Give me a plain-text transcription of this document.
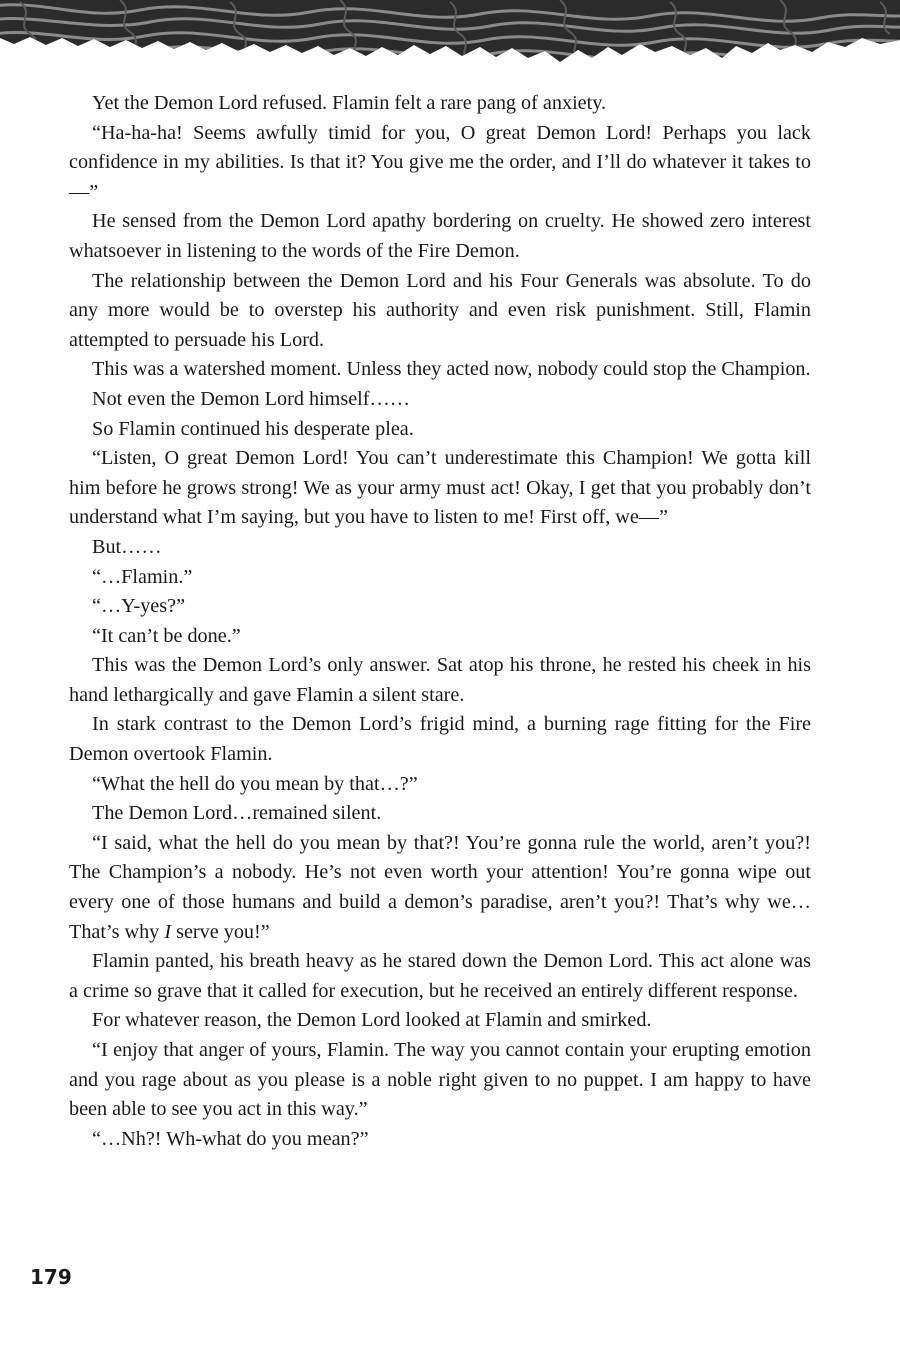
Yet the Demon Lord refused. Flamin felt a rare pang of anxiety.

“Ha-ha-ha! Seems awfully timid for you, O great Demon Lord! Perhaps you lack confidence in my abilities. Is that it? You give me the order, and I’ll do whatever it takes to—”

He sensed from the Demon Lord apathy bordering on cruelty. He showed zero interest whatsoever in listening to the words of the Fire Demon.

The relationship between the Demon Lord and his Four Generals was absolute. To do any more would be to overstep his authority and even risk punishment. Still, Flamin attempted to persuade his Lord.

This was a watershed moment. Unless they acted now, nobody could stop the Champion.

Not even the Demon Lord himself……

So Flamin continued his desperate plea.

“Listen, O great Demon Lord! You can’t underestimate this Champion! We gotta kill him before he grows strong! We as your army must act! Okay, I get that you probably don’t understand what I’m saying, but you have to listen to me! First off, we—”

But……

“…Flamin.”

“…Y-yes?”

“It can’t be done.”

This was the Demon Lord’s only answer. Sat atop his throne, he rested his cheek in his hand lethargically and gave Flamin a silent stare.

In stark contrast to the Demon Lord’s frigid mind, a burning rage fitting for the Fire Demon overtook Flamin.

“What the hell do you mean by that…?”

The Demon Lord…remained silent.

“I said, what the hell do you mean by that?! You’re gonna rule the world, aren’t you?! The Champion’s a nobody. He’s not even worth your attention! You’re gonna wipe out every one of those humans and build a demon’s paradise, aren’t you?! That’s why we… That’s why I serve you!”

Flamin panted, his breath heavy as he stared down the Demon Lord. This act alone was a crime so grave that it called for execution, but he received an entirely different response.

For whatever reason, the Demon Lord looked at Flamin and smirked.

“I enjoy that anger of yours, Flamin. The way you cannot contain your erupting emotion and you rage about as you please is a noble right given to no puppet. I am happy to have been able to see you act in this way.”

“…Nh?! Wh-what do you mean?”

179
